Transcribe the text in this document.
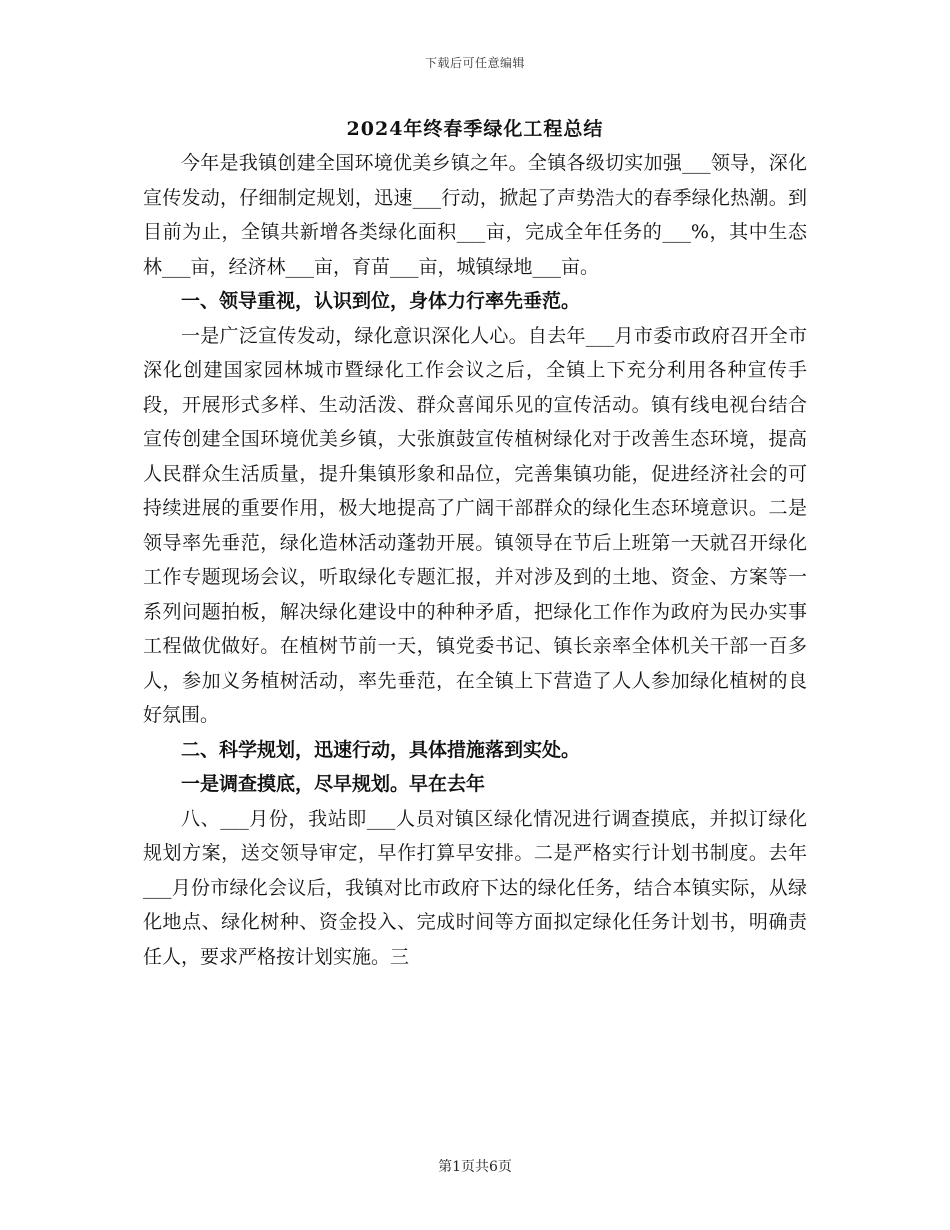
下载后可任意编辑
2024年终春季绿化工程总结

今年是我镇创建全国环境优美乡镇之年。全镇各级切实加强___领导，深化宣传发动，仔细制定规划，迅速___行动，掀起了声势浩大的春季绿化热潮。到目前为止，全镇共新增各类绿化面积___亩，完成全年任务的___%，其中生态林___亩，经济林___亩，育苗___亩，城镇绿地___亩。

一、领导重视，认识到位，身体力行率先垂范。

一是广泛宣传发动，绿化意识深化人心。自去年___月市委市政府召开全市深化创建国家园林城市暨绿化工作会议之后，全镇上下充分利用各种宣传手段，开展形式多样、生动活泼、群众喜闻乐见的宣传活动。镇有线电视台结合宣传创建全国环境优美乡镇，大张旗鼓宣传植树绿化对于改善生态环境，提高人民群众生活质量，提升集镇形象和品位，完善集镇功能，促进经济社会的可持续进展的重要作用，极大地提高了广阔干部群众的绿化生态环境意识。二是领导率先垂范，绿化造林活动蓬勃开展。镇领导在节后上班第一天就召开绿化工作专题现场会议，听取绿化专题汇报，并对涉及到的土地、资金、方案等一系列问题拍板，解决绿化建设中的种种矛盾，把绿化工作作为政府为民办实事工程做优做好。在植树节前一天，镇党委书记、镇长亲率全体机关干部一百多人，参加义务植树活动，率先垂范，在全镇上下营造了人人参加绿化植树的良好氛围。

二、科学规划，迅速行动，具体措施落到实处。

一是调查摸底，尽早规划。早在去年

八、___月份，我站即___人员对镇区绿化情况进行调查摸底，并拟订绿化规划方案，送交领导审定，早作打算早安排。二是严格实行计划书制度。去年___月份市绿化会议后，我镇对比市政府下达的绿化任务，结合本镇实际，从绿化地点、绿化树种、资金投入、完成时间等方面拟定绿化任务计划书，明确责任人，要求严格按计划实施。三

第1页共6页
